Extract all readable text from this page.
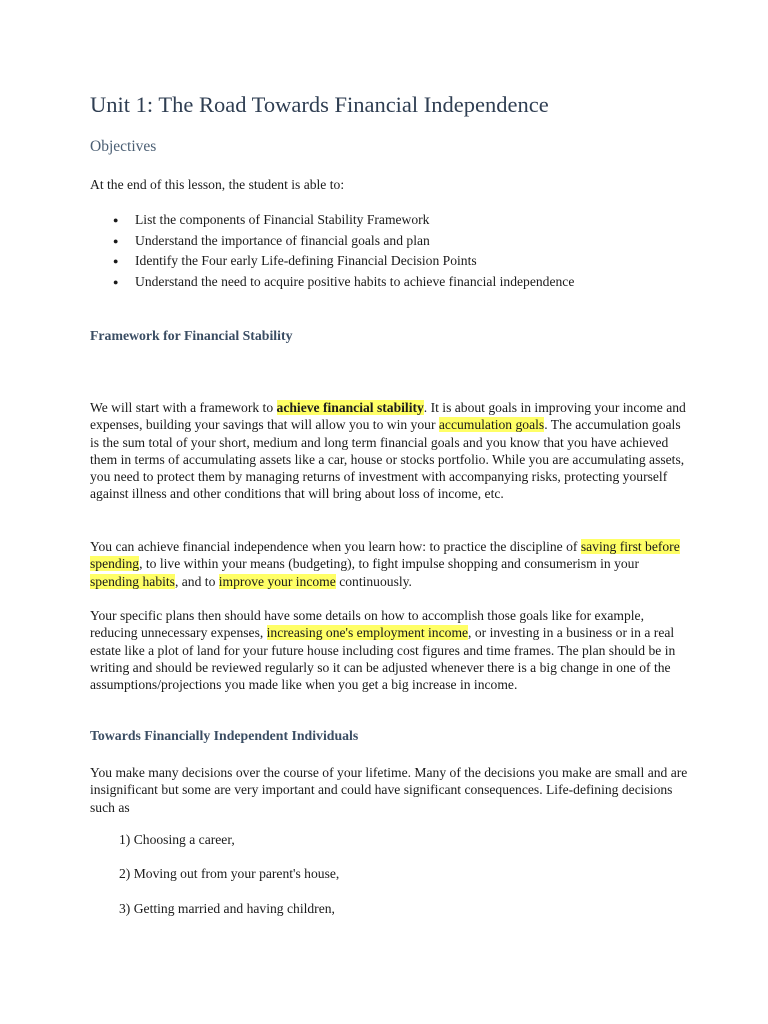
Unit 1: The Road Towards Financial Independence
Objectives

At the end of this lesson, the student is able to:

● List the components of Financial Stability Framework
● Understand the importance of financial goals and plan
● Identify the Four early Life-defining Financial Decision Points
● Understand the need to acquire positive habits to achieve financial independence
Framework for Financial Stability

We will start with a framework to achieve financial stability. It is about goals in improving your income and expenses, building your savings that will allow you to win your accumulation goals. The accumulation goals is the sum total of your short, medium and long term financial goals and you know that you have achieved them in terms of accumulating assets like a car, house or stocks portfolio. While you are accumulating assets, you need to protect them by managing returns of investment with accompanying risks, protecting yourself against illness and other conditions that will bring about loss of income, etc.

You can achieve financial independence when you learn how: to practice the discipline of saving first before spending, to live within your means (budgeting), to fight impulse shopping and consumerism in your spending habits, and to improve your income continuously.

Your specific plans then should have some details on how to accomplish those goals like for example, reducing unnecessary expenses, increasing one's employment income, or investing in a business or in a real estate like a plot of land for your future house including cost figures and time frames. The plan should be in writing and should be reviewed regularly so it can be adjusted whenever there is a big change in one of the assumptions/projections you made like when you get a big increase in income.

Towards Financially Independent Individuals

You make many decisions over the course of your lifetime. Many of the decisions you make are small and are insignificant but some are very important and could have significant consequences. Life-defining decisions such as

1) Choosing a career,

2) Moving out from your parent's house,

3) Getting married and having children,
